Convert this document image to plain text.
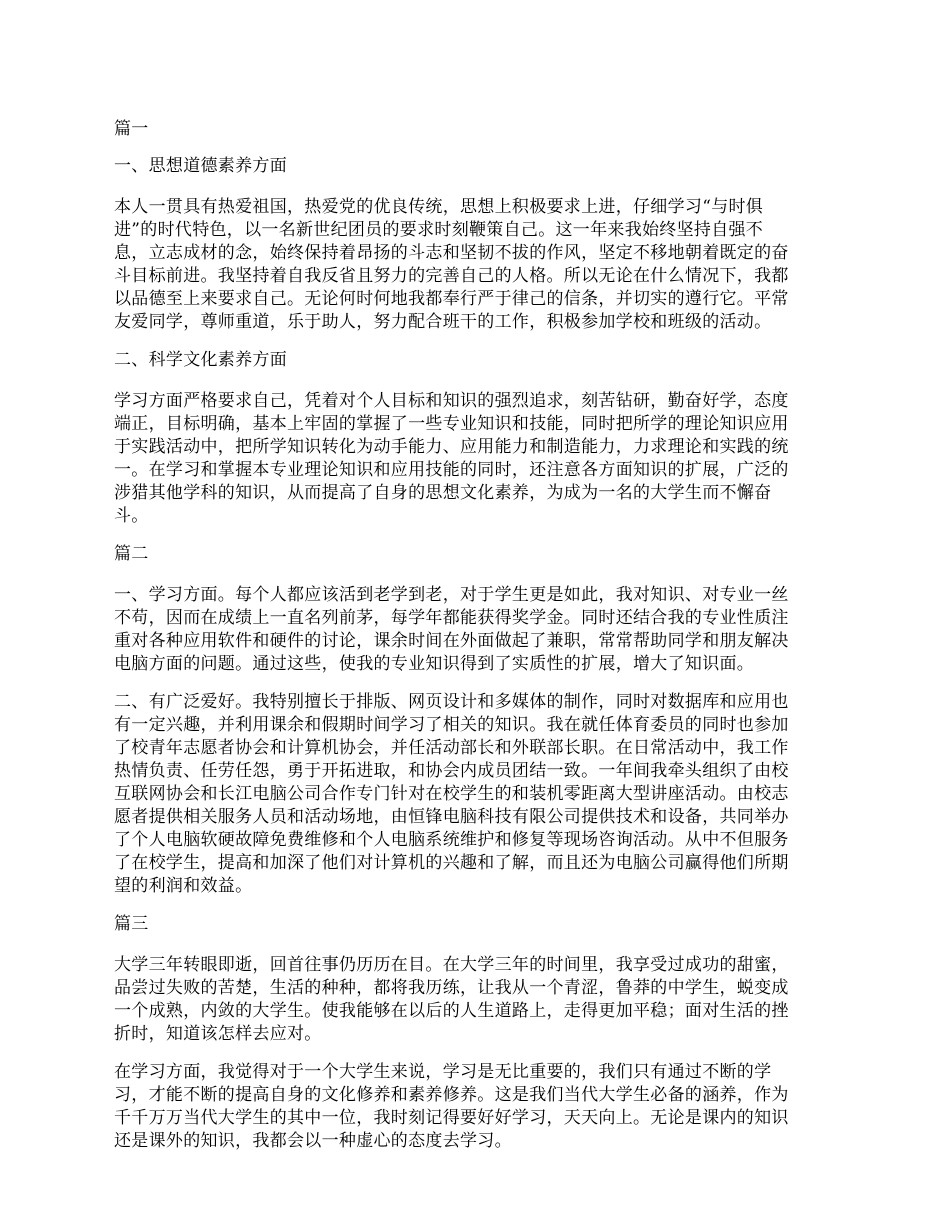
篇一

一、思想道德素养方面

本人一贯具有热爱祖国，热爱党的优良传统，思想上积极要求上进，仔细学习“与时俱
进”的时代特色，以一名新世纪团员的要求时刻鞭策自己。这一年来我始终坚持自强不
息，立志成材的念，始终保持着昂扬的斗志和坚韧不拔的作风，坚定不移地朝着既定的奋
斗目标前进。我坚持着自我反省且努力的完善自己的人格。所以无论在什么情况下，我都
以品德至上来要求自己。无论何时何地我都奉行严于律己的信条，并切实的遵行它。平常
友爱同学，尊师重道，乐于助人，努力配合班干的工作，积极参加学校和班级的活动。

二、科学文化素养方面

学习方面严格要求自己，凭着对个人目标和知识的强烈追求，刻苦钻研，勤奋好学，态度
端正，目标明确，基本上牢固的掌握了一些专业知识和技能，同时把所学的理论知识应用
于实践活动中，把所学知识转化为动手能力、应用能力和制造能力，力求理论和实践的统
一。在学习和掌握本专业理论知识和应用技能的同时，还注意各方面知识的扩展，广泛的
涉猎其他学科的知识，从而提高了自身的思想文化素养，为成为一名的大学生而不懈奋
斗。

篇二

一、学习方面。每个人都应该活到老学到老，对于学生更是如此，我对知识、对专业一丝
不苟，因而在成绩上一直名列前茅，每学年都能获得奖学金。同时还结合我的专业性质注
重对各种应用软件和硬件的讨论，课余时间在外面做起了兼职，常常帮助同学和朋友解决
电脑方面的问题。通过这些，使我的专业知识得到了实质性的扩展，增大了知识面。

二、有广泛爱好。我特别擅长于排版、网页设计和多媒体的制作，同时对数据库和应用也
有一定兴趣，并利用课余和假期时间学习了相关的知识。我在就任体育委员的同时也参加
了校青年志愿者协会和计算机协会，并任活动部长和外联部长职。在日常活动中，我工作
热情负责、任劳任怨，勇于开拓进取，和协会内成员团结一致。一年间我牵头组织了由校
互联网协会和长江电脑公司合作专门针对在校学生的和装机零距离大型讲座活动。由校志
愿者提供相关服务人员和活动场地，由恒锋电脑科技有限公司提供技术和设备，共同举办
了个人电脑软硬故障免费维修和个人电脑系统维护和修复等现场咨询活动。从中不但服务
了在校学生，提高和加深了他们对计算机的兴趣和了解，而且还为电脑公司赢得他们所期
望的利润和效益。

篇三

大学三年转眼即逝，回首往事仍历历在目。在大学三年的时间里，我享受过成功的甜蜜，
品尝过失败的苦楚，生活的种种，都将我历练，让我从一个青涩，鲁莽的中学生，蜕变成
一个成熟，内敛的大学生。使我能够在以后的人生道路上，走得更加平稳；面对生活的挫
折时，知道该怎样去应对。

在学习方面，我觉得对于一个大学生来说，学习是无比重要的，我们只有通过不断的学
习，才能不断的提高自身的文化修养和素养修养。这是我们当代大学生必备的涵养，作为
千千万万当代大学生的其中一位，我时刻记得要好好学习，天天向上。无论是课内的知识
还是课外的知识，我都会以一种虚心的态度去学习。
